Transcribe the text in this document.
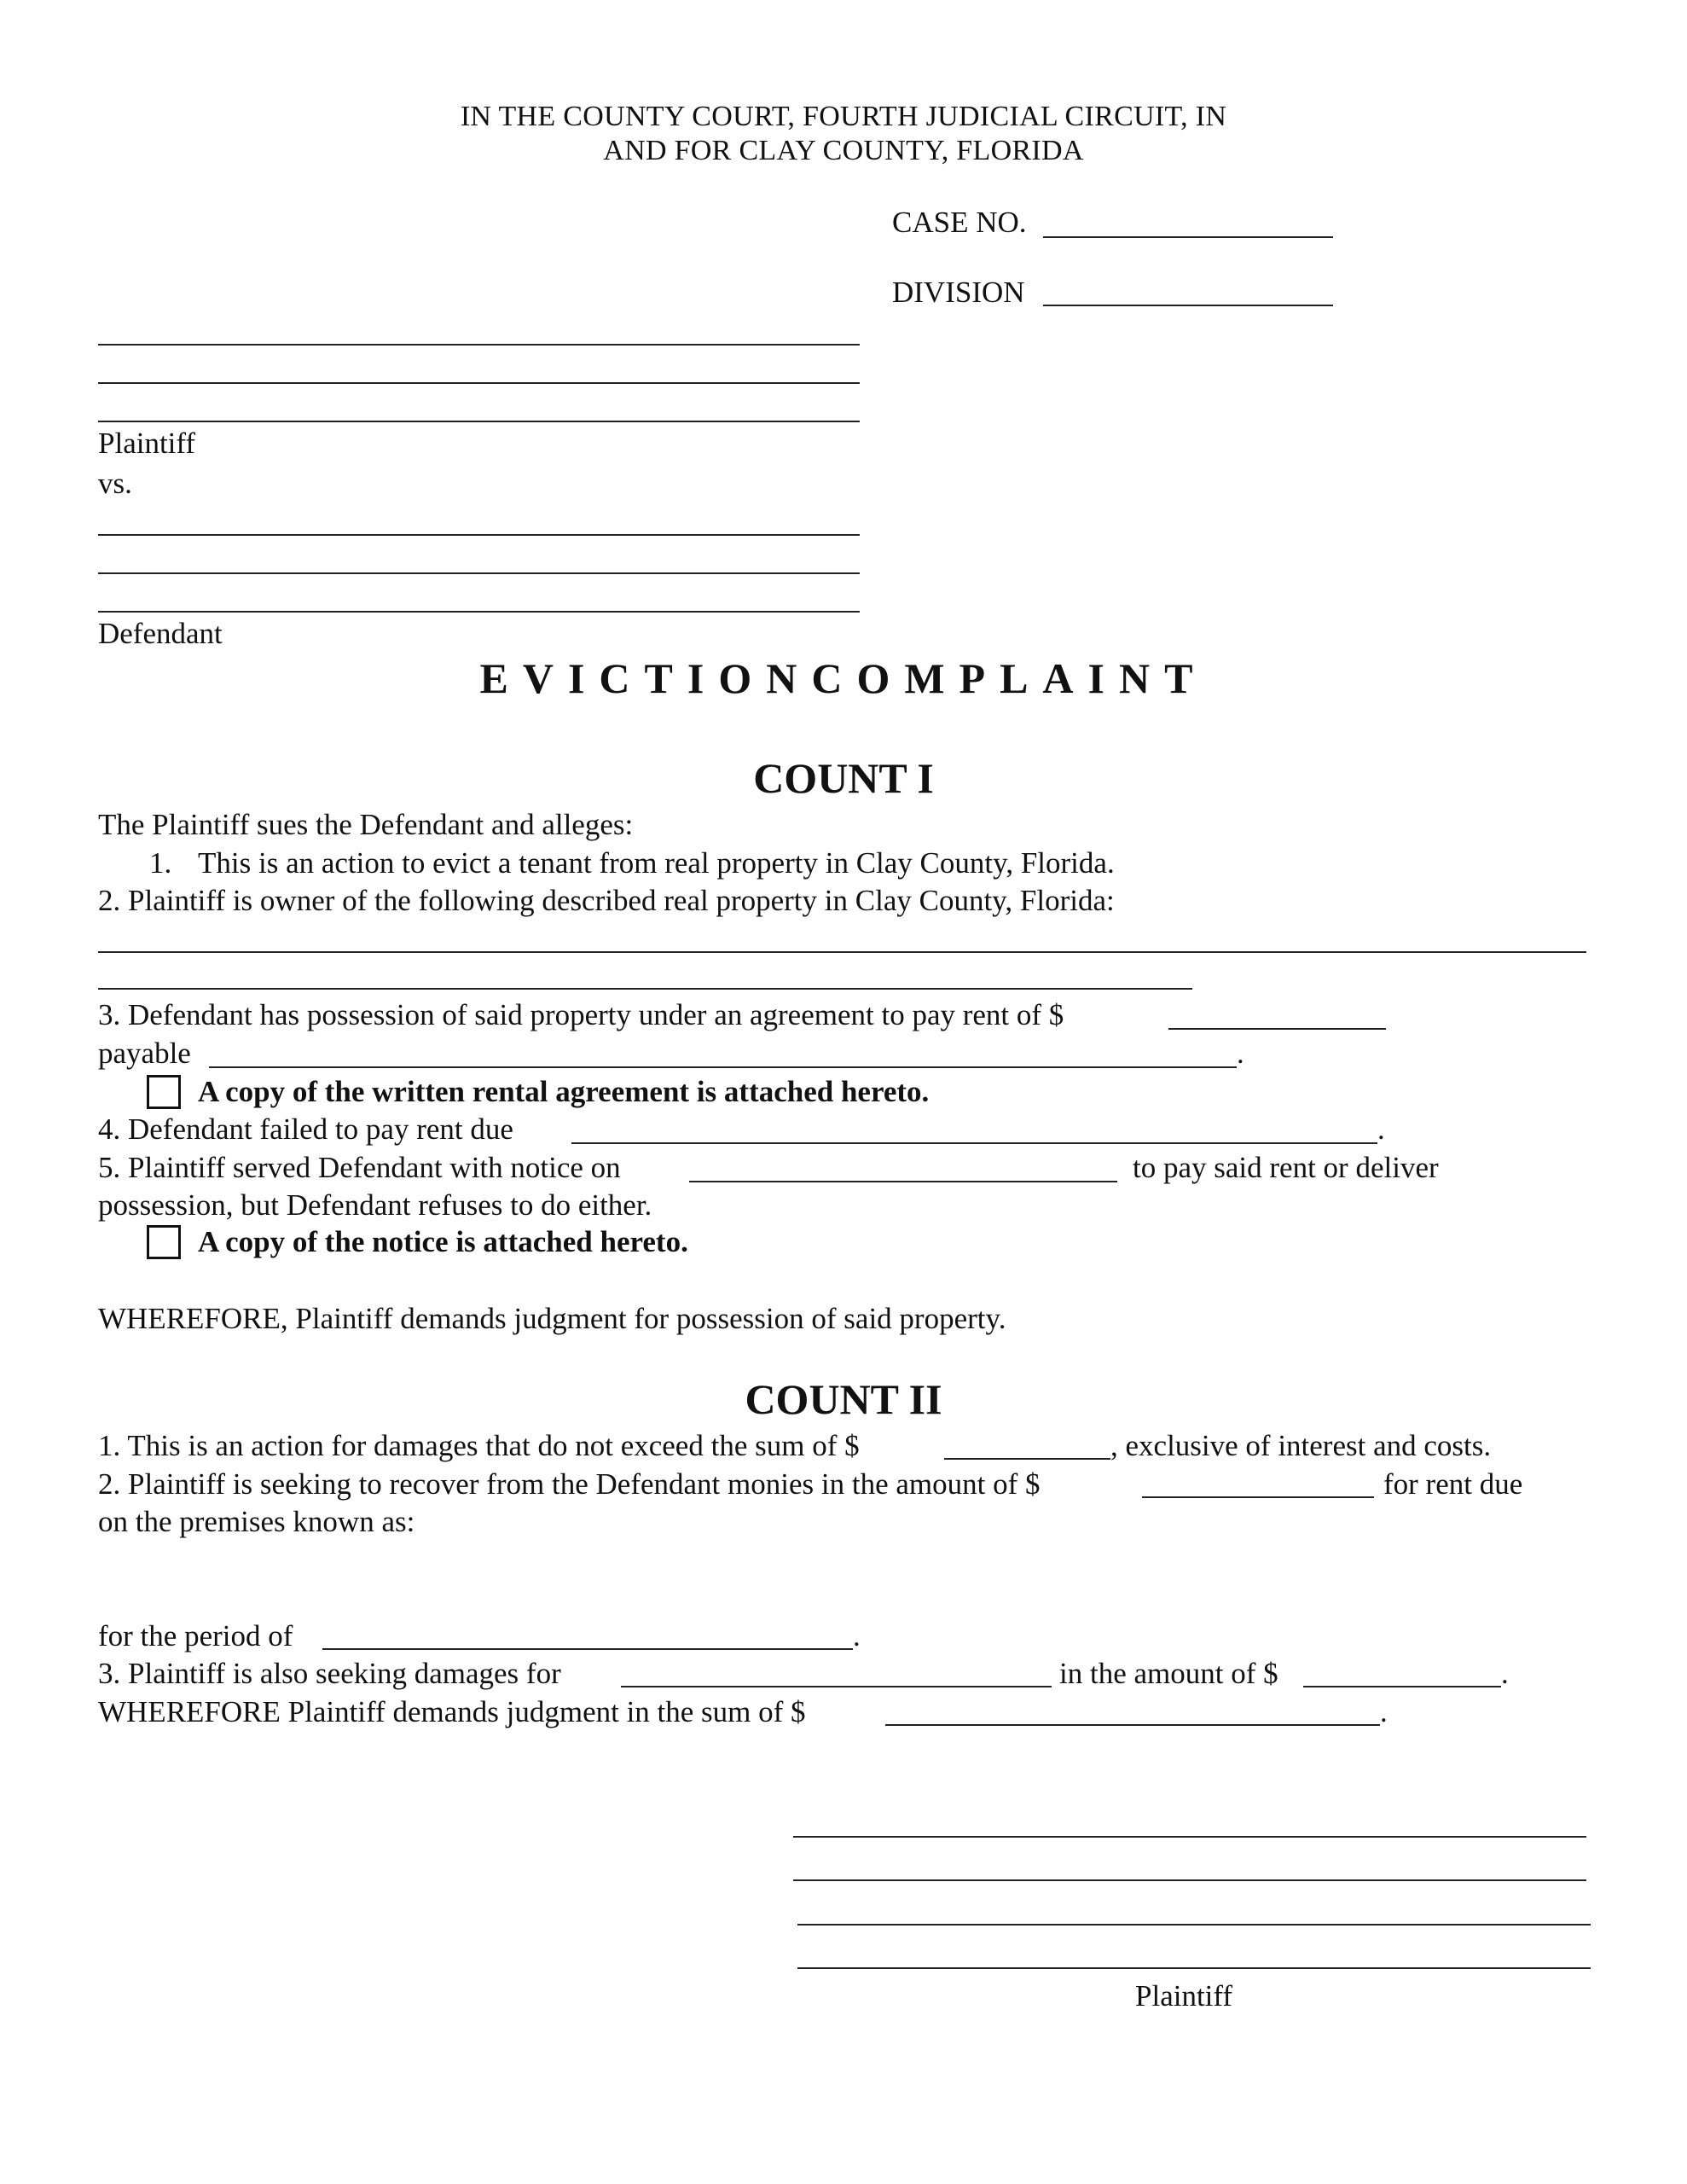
IN THE COUNTY COURT, FOURTH JUDICIAL CIRCUIT, IN
AND FOR CLAY COUNTY, FLORIDA
CASE NO.
DIVISION
Plaintiff
vs.
Defendant
EVICTIONCOMPLAINT
COUNT I
The Plaintiff sues the Defendant and alleges:
1. This is an action to evict a tenant from real property in Clay County, Florida.
2. Plaintiff is owner of the following described real property in Clay County, Florida:
3. Defendant has possession of said property under an agreement to pay rent of $
payable	.
A copy of the written rental agreement is attached hereto.
4. Defendant failed to pay rent due	.
5. Plaintiff served Defendant with notice on	to pay said rent or deliver
possession, but Defendant refuses to do either.
A copy of the notice is attached hereto.
WHEREFORE, Plaintiff demands judgment for possession of said property.
COUNT II
1. This is an action for damages that do not exceed the sum of $	, exclusive of interest and costs.
2. Plaintiff is seeking to recover from the Defendant monies in the amount of $	for rent due
on the premises known as:
for the period of	.
3. Plaintiff is also seeking damages for	in the amount of $	.
WHEREFORE Plaintiff demands judgment in the sum of $	.
Plaintiff
